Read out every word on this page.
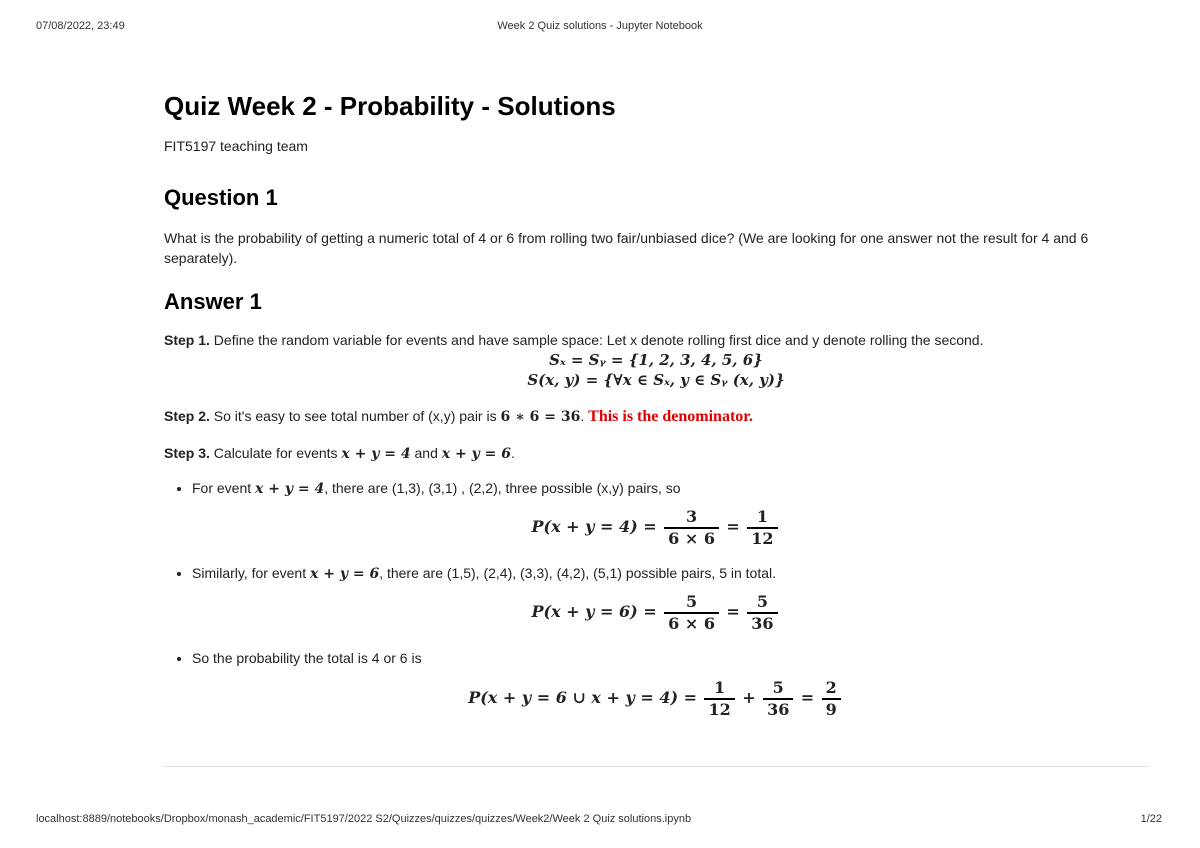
07/08/2022, 23:49	Week 2 Quiz solutions - Jupyter Notebook
Quiz Week 2 - Probability - Solutions

FIT5197 teaching team

Question 1

What is the probability of getting a numeric total of 4 or 6 from rolling two fair/unbiased dice? (We are looking for one answer not the result for 4 and 6 separately).

Answer 1

Step 1. Define the random variable for events and have sample space: Let x denote rolling first dice and y denote rolling the second.

Sₓ = Sᵧ = {1, 2, 3, 4, 5, 6}
S(x, y) = {∀x ∈ Sₓ, y ∈ Sᵧ (x, y)}

Step 2. So it's easy to see total number of (x,y) pair is 6 ∗ 6 = 36. This is the denominator.

Step 3. Calculate for events x + y = 4 and x + y = 6.

• For event x + y = 4, there are (1,3), (3,1) , (2,2), three possible (x,y) pairs, so
$P(x + y = 4) = \frac{3}{6 \times 6} = \frac{1}{12}$
• Similarly, for event x + y = 6, there are (1,5), (2,4), (3,3), (4,2), (5,1) possible pairs, 5 in total.
$P(x + y = 6) = \frac{5}{6 \times 6} = \frac{5}{36}$
• So the probability the total is 4 or 6 is
P(x + y = 6 ∪ $x + y = 4) = \frac{1}{12} + \frac{5}{36} = \frac{2}{9}$
localhost:8889/notebooks/Dropbox/monash_academic/FIT5197/2022 S2/Quizzes/quizzes/quizzes/Week2/Week 2 Quiz solutions.ipynb	1/22
